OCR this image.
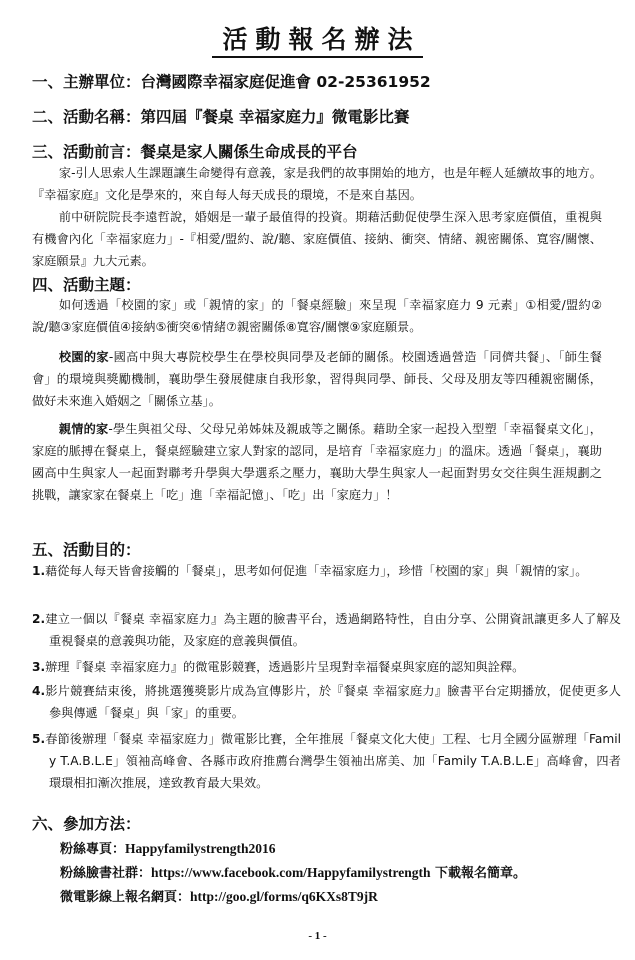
活動報名辦法

一、主辦單位：台灣國際幸福家庭促進會 02-25361952

二、活動名稱：第四屆『餐桌 幸福家庭力』微電影比賽

三、活動前言：餐桌是家人關係生命成長的平台

家-引人思索人生課題讓生命變得有意義，家是我們的故事開始的地方，也是年輕人延續故事的地方。『幸福家庭』文化是學來的，來自每人每天成長的環境，不是來自基因。

前中研院院長李遠哲說，婚姻是一輩子最值得的投資。期藉活動促使學生深入思考家庭價值，重視與有機會內化「幸福家庭力」-『相愛/盟約、說/聽、家庭價值、接納、衝突、情緒、親密關係、寬容/關懷、家庭願景』九大元素。

四、活動主題：

如何透過「校園的家」或「親情的家」的「餐桌經驗」來呈現「幸福家庭力 9 元素」①相愛/盟約②說/聽③家庭價值④接納⑤衝突⑥情緒⑦親密關係⑧寬容/關懷⑨家庭願景。

校園的家-國高中與大專院校學生在學校與同學及老師的關係。校園透過營造「同儕共餐」、「師生餐會」的環境與獎勵機制，襄助學生發展健康自我形象，習得與同學、師長、父母及朋友等四種親密關係，做好未來進入婚姻之「關係立基」。

親情的家-學生與祖父母、父母兄弟姊妹及親戚等之關係。藉助全家一起投入型塑「幸福餐桌文化」，家庭的脈搏在餐桌上，餐桌經驗建立家人對家的認同，是培育「幸福家庭力」的溫床。透過「餐桌」，襄助國高中生與家人一起面對聯考升學與大學選系之壓力，襄助大學生與家人一起面對男女交往與生涯規劃之挑戰，讓家家在餐桌上「吃」進「幸福記憶」、「吃」出「家庭力」！

五、活動目的：

1.藉從每人每天皆會接觸的「餐桌」，思考如何促進「幸福家庭力」，珍惜「校園的家」與「親情的家」。

2.建立一個以『餐桌 幸福家庭力』為主題的臉書平台，透過網路特性，自由分享、公開資訊讓更多人了解及重視餐桌的意義與功能，及家庭的意義與價值。

3.辦理『餐桌 幸福家庭力』的微電影競賽，透過影片呈現對幸福餐桌與家庭的認知與詮釋。

4.影片競賽結束後，將挑選獲獎影片成為宣傳影片，於『餐桌 幸福家庭力』臉書平台定期播放，促使更多人參與傳遞「餐桌」與「家」的重要。

5.春節後辦理「餐桌 幸福家庭力」微電影比賽，全年推展「餐桌文化大使」工程、七月全國分區辦理「Family T.A.B.L.E」領袖高峰會、各縣市政府推薦台灣學生領袖出席美、加「Family T.A.B.L.E」高峰會，四者環環相扣漸次推展，達致教育最大果效。

六、參加方法：

粉絲專頁：Happyfamilystrength2016

粉絲臉書社群：https://www.facebook.com/Happyfamilystrength 下載報名簡章。

微電影線上報名網頁：http://goo.gl/forms/q6KXs8T9jR

- 1 -
